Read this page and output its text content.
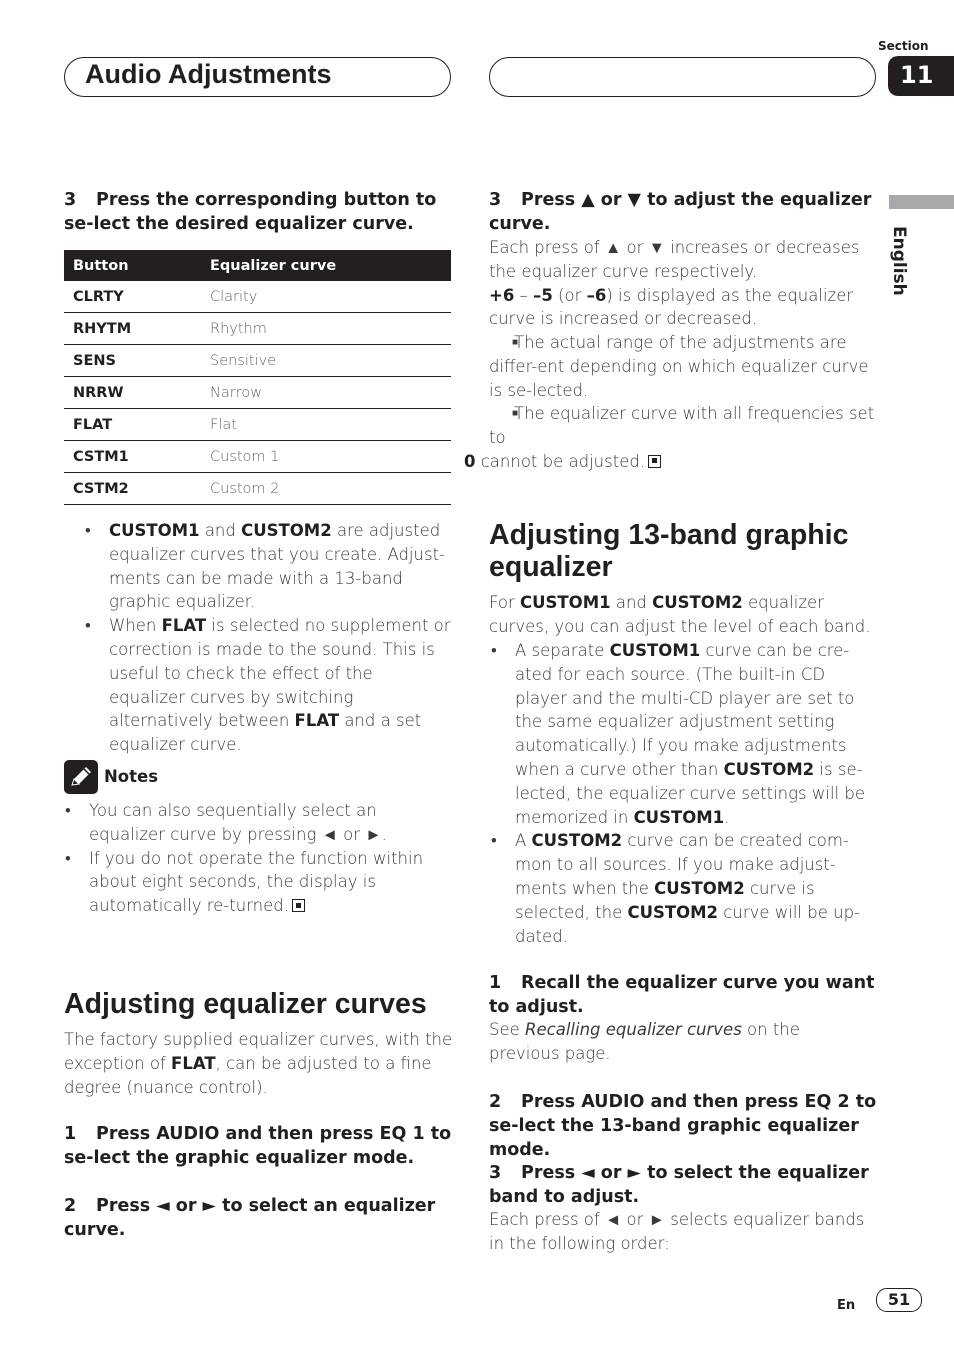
Audio Adjustments
Section
11
English
3 Press the corresponding button to se-lect the desired equalizer curve.
Button	Equalizer curve
CLRTY	Clarity
RHYTM	Rhythm
SENS	Sensitive
NRRW	Narrow
FLAT	Flat
CSTM1	Custom 1
CSTM2	Custom 2
• CUSTOM1 and CUSTOM2 are adjusted equalizer curves that you create. Adjust-ments can be made with a 13-band graphic equalizer.
• When FLAT is selected no supplement or correction is made to the sound. This is useful to check the effect of the equalizer curves by switching alternatively between FLAT and a set equalizer curve.
Notes
• You can also sequentially select an equalizer curve by pressing ◄ or ►.
• If you do not operate the function within about eight seconds, the display is automatically re-turned.
Adjusting equalizer curves
The factory supplied equalizer curves, with the exception of FLAT, can be adjusted to a fine degree (nuance control).
1 Press AUDIO and then press EQ 1 to se-lect the graphic equalizer mode.
2 Press ◄ or ► to select an equalizer curve.
3 Press ▲ or ▼ to adjust the equalizer curve.
Each press of ▲ or ▼ increases or decreases the equalizer curve respectively.
+6 – –5 (or –6) is displayed as the equalizer curve is increased or decreased.
■ The actual range of the adjustments are differ-ent depending on which equalizer curve is se-lected.
■ The equalizer curve with all frequencies set to
0 cannot be adjusted.
Adjusting 13-band graphic equalizer
For CUSTOM1 and CUSTOM2 equalizer curves, you can adjust the level of each band.
• A separate CUSTOM1 curve can be cre-ated for each source. (The built-in CD player and the multi-CD player are set to the same equalizer adjustment setting automatically.) If you make adjustments when a curve other than CUSTOM2 is se-lected, the equalizer curve settings will be memorized in CUSTOM1.
• A CUSTOM2 curve can be created com-mon to all sources. If you make adjust-ments when the CUSTOM2 curve is selected, the CUSTOM2 curve will be up-dated.
1 Recall the equalizer curve you want to adjust.
See Recalling equalizer curves on the previous page.
2 Press AUDIO and then press EQ 2 to se-lect the 13-band graphic equalizer mode.
3 Press ◄ or ► to select the equalizer band to adjust.
Each press of ◄ or ► selects equalizer bands in the following order:
En	51
